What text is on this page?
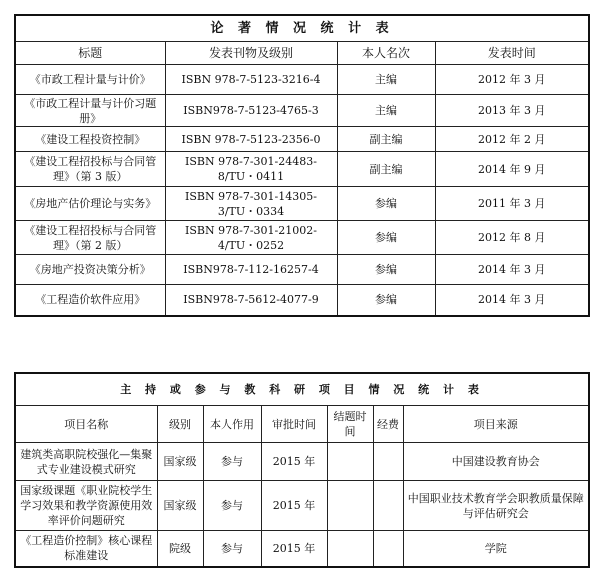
论 著 情 况 统 计 表			
标题	发表刊物及级别	本人名次	发表时间
《市政工程计量与计价》	ISBN 978-7-5123-3216-4	主编	2012 年 3 月
《市政工程计量与计价习题册》	ISBN978-7-5123-4765-3	主编	2013 年 3 月
《建设工程投资控制》	ISBN 978-7-5123-2356-0	副主编	2012 年 2 月
《建设工程招投标与合同管理》（第 3 版）	ISBN 978-7-301-24483-8/TU・0411	副主编	2014 年 9 月
《房地产估价理论与实务》	ISBN 978-7-301-14305-3/TU・0334	参编	2011 年 3 月
《建设工程招投标与合同管理》（第 2 版）	ISBN 978-7-301-21002-4/TU・0252	参编	2012 年 8 月
《房地产投资决策分析》	ISBN978-7-112-16257-4	参编	2014 年 3 月
《工程造价软件应用》	ISBN978-7-5612-4077-9	参编	2014 年 3 月
主 持 或 参 与 教 科 研 项 目 情 况 统 计 表						
项目名称	级别	本人作用	审批时间	结题时间	经费	项目来源
建筑类高职院校强化—集聚式专业建设模式研究	国家级	参与	2015 年			中国建设教育协会
国家级课题《职业院校学生学习效果和教学资源使用效率评价问题研究	国家级	参与	2015 年			中国职业技术教育学会职教质量保障与评估研究会
《工程造价控制》核心课程标准建设	院级	参与	2015 年			学院
